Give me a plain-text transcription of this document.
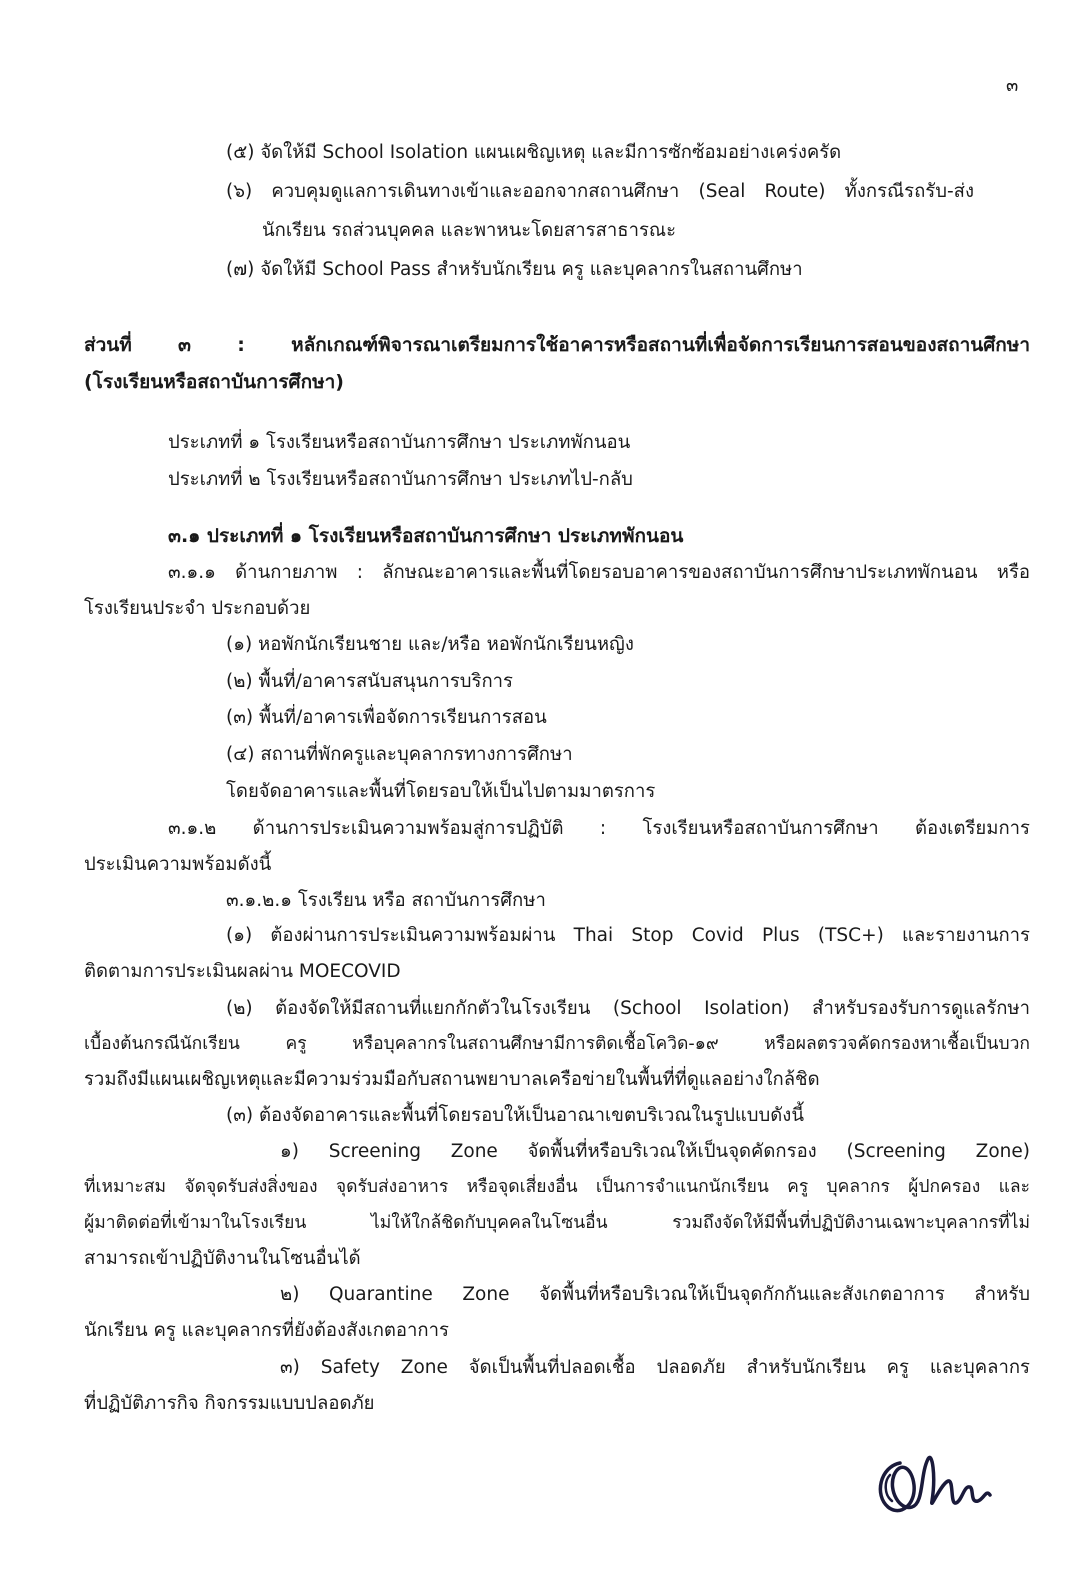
๓
(๕) จัดให้มี School Isolation แผนเผชิญเหตุ และมีการซักซ้อมอย่างเคร่งครัด
(๖) ควบคุมดูแลการเดินทางเข้าและออกจากสถานศึกษา (Seal Route) ทั้งกรณีรถรับ-ส่ง
นักเรียน รถส่วนบุคคล และพาหนะโดยสารสาธารณะ
(๗) จัดให้มี School Pass สำหรับนักเรียน ครู และบุคลากรในสถานศึกษา
ส่วนที่ ๓ : หลักเกณฑ์พิจารณาเตรียมการใช้อาคารหรือสถานที่เพื่อจัดการเรียนการสอนของสถานศึกษา
(โรงเรียนหรือสถาบันการศึกษา)
ประเภทที่ ๑ โรงเรียนหรือสถาบันการศึกษา ประเภทพักนอน
ประเภทที่ ๒ โรงเรียนหรือสถาบันการศึกษา ประเภทไป-กลับ
๓.๑ ประเภทที่ ๑ โรงเรียนหรือสถาบันการศึกษา ประเภทพักนอน
๓.๑.๑ ด้านกายภาพ : ลักษณะอาคารและพื้นที่โดยรอบอาคารของสถาบันการศึกษาประเภทพักนอน หรือ
โรงเรียนประจำ ประกอบด้วย
(๑) หอพักนักเรียนชาย และ/หรือ หอพักนักเรียนหญิง
(๒) พื้นที่/อาคารสนับสนุนการบริการ
(๓) พื้นที่/อาคารเพื่อจัดการเรียนการสอน
(๔) สถานที่พักครูและบุคลากรทางการศึกษา
โดยจัดอาคารและพื้นที่โดยรอบให้เป็นไปตามมาตรการ
๓.๑.๒ ด้านการประเมินความพร้อมสู่การปฏิบัติ : โรงเรียนหรือสถาบันการศึกษา ต้องเตรียมการ
ประเมินความพร้อมดังนี้
๓.๑.๒.๑ โรงเรียน หรือ สถาบันการศึกษา
(๑) ต้องผ่านการประเมินความพร้อมผ่าน Thai Stop Covid Plus (TSC+) และรายงานการ
ติดตามการประเมินผลผ่าน MOECOVID
(๒) ต้องจัดให้มีสถานที่แยกกักตัวในโรงเรียน (School Isolation) สำหรับรองรับการดูแลรักษา
เบื้องต้นกรณีนักเรียน ครู หรือบุคลากรในสถานศึกษามีการติดเชื้อโควิด-๑๙ หรือผลตรวจคัดกรองหาเชื้อเป็นบวก
รวมถึงมีแผนเผชิญเหตุและมีความร่วมมือกับสถานพยาบาลเครือข่ายในพื้นที่ที่ดูแลอย่างใกล้ชิด
(๓) ต้องจัดอาคารและพื้นที่โดยรอบให้เป็นอาณาเขตบริเวณในรูปแบบดังนี้
๑) Screening Zone จัดพื้นที่หรือบริเวณให้เป็นจุดคัดกรอง (Screening Zone)
ที่เหมาะสม จัดจุดรับส่งสิ่งของ จุดรับส่งอาหาร หรือจุดเสี่ยงอื่น เป็นการจำแนกนักเรียน ครู บุคลากร ผู้ปกครอง และ
ผู้มาติดต่อที่เข้ามาในโรงเรียน ไม่ให้ใกล้ชิดกับบุคคลในโซนอื่น รวมถึงจัดให้มีพื้นที่ปฏิบัติงานเฉพาะบุคลากรที่ไม่
สามารถเข้าปฏิบัติงานในโซนอื่นได้
๒) Quarantine Zone จัดพื้นที่หรือบริเวณให้เป็นจุดกักกันและสังเกตอาการ สำหรับ
นักเรียน ครู และบุคลากรที่ยังต้องสังเกตอาการ
๓) Safety Zone จัดเป็นพื้นที่ปลอดเชื้อ ปลอดภัย สำหรับนักเรียน ครู และบุคลากร
ที่ปฏิบัติภารกิจ กิจกรรมแบบปลอดภัย
